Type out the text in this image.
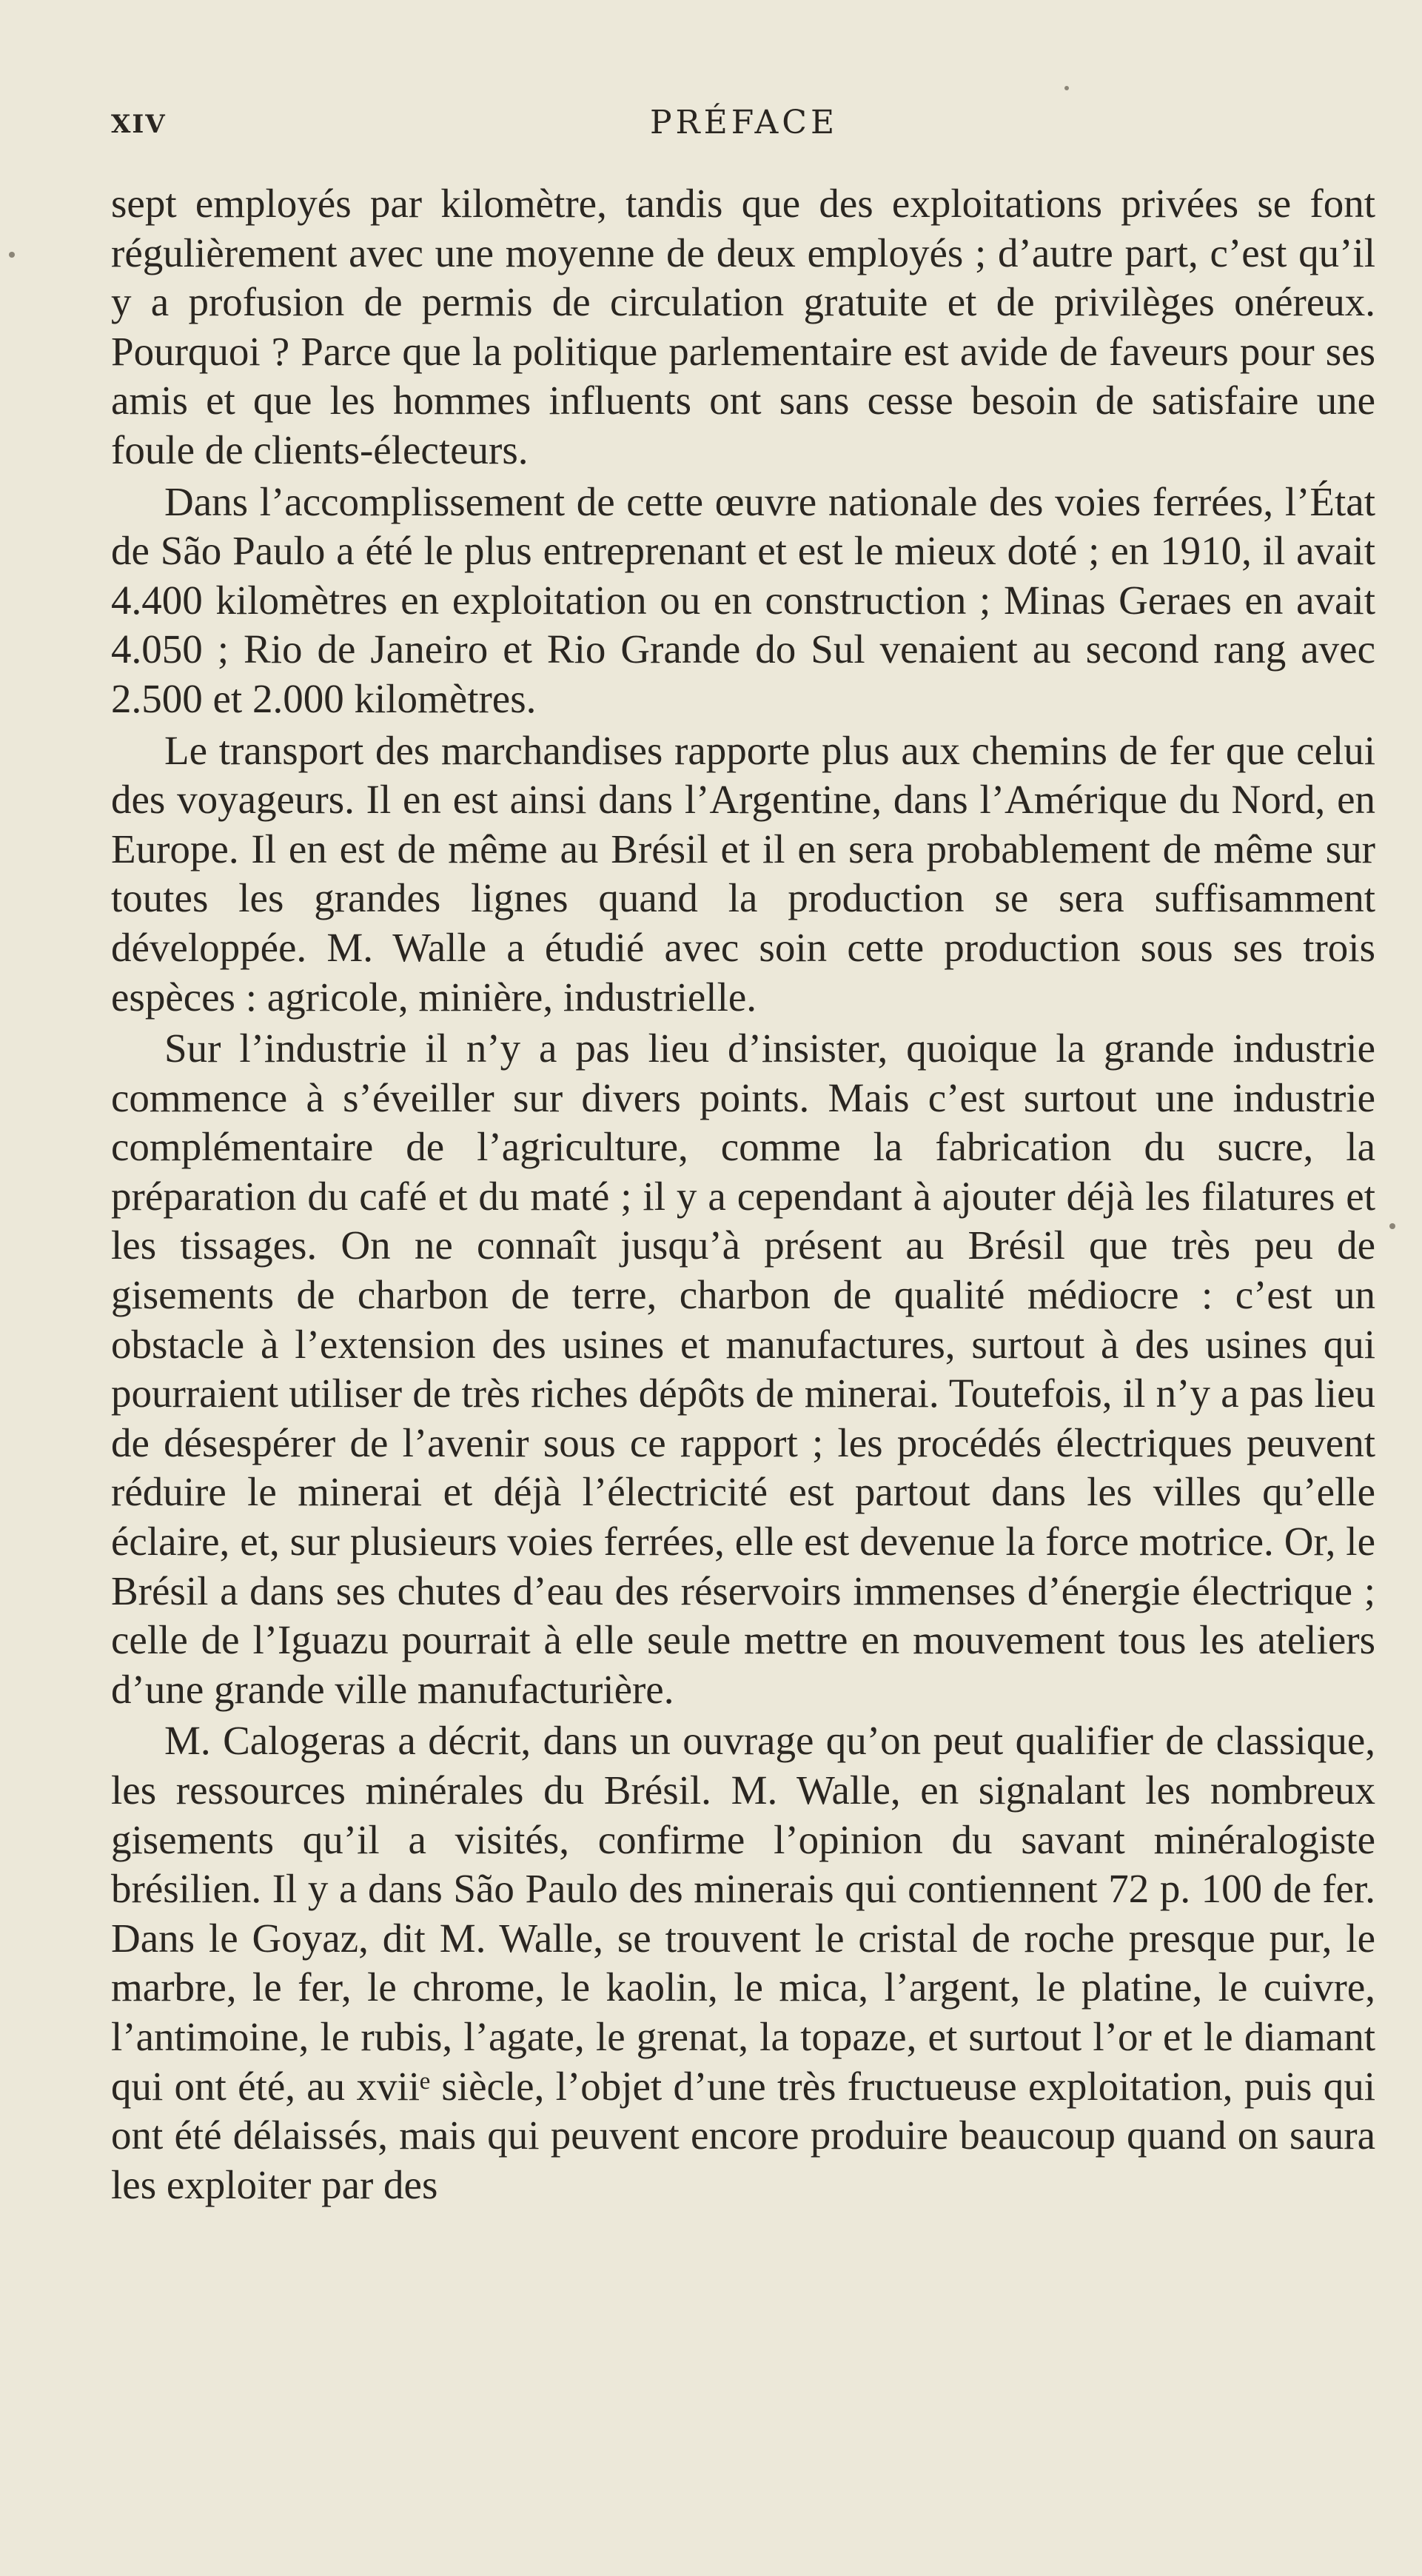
XIV	PRÉFACE

sept employés par kilomètre, tandis que des exploitations privées se font régulièrement avec une moyenne de deux employés ; d’autre part, c’est qu’il y a profusion de permis de circulation gratuite et de privilèges onéreux. Pourquoi ? Parce que la politique parlementaire est avide de faveurs pour ses amis et que les hommes influents ont sans cesse besoin de satisfaire une foule de clients-électeurs.

Dans l’accomplissement de cette œuvre nationale des voies ferrées, l’État de São Paulo a été le plus entreprenant et est le mieux doté ; en 1910, il avait 4.400 kilomètres en exploitation ou en construction ; Minas Geraes en avait 4.050 ; Rio de Janeiro et Rio Grande do Sul venaient au second rang avec 2.500 et 2.000 kilomètres.

Le transport des marchandises rapporte plus aux chemins de fer que celui des voyageurs. Il en est ainsi dans l’Argentine, dans l’Amérique du Nord, en Europe. Il en est de même au Brésil et il en sera probablement de même sur toutes les grandes lignes quand la production se sera suffisamment développée. M. Walle a étudié avec soin cette production sous ses trois espèces : agricole, minière, industrielle.

Sur l’industrie il n’y a pas lieu d’insister, quoique la grande industrie commence à s’éveiller sur divers points. Mais c’est surtout une industrie complémentaire de l’agriculture, comme la fabrication du sucre, la préparation du café et du maté ; il y a cependant à ajouter déjà les filatures et les tissages. On ne connaît jusqu’à présent au Brésil que très peu de gisements de charbon de terre, charbon de qualité médiocre : c’est un obstacle à l’extension des usines et manufactures, surtout à des usines qui pourraient utiliser de très riches dépôts de minerai. Toutefois, il n’y a pas lieu de désespérer de l’avenir sous ce rapport ; les procédés électriques peuvent réduire le minerai et déjà l’électricité est partout dans les villes qu’elle éclaire, et, sur plusieurs voies ferrées, elle est devenue la force motrice. Or, le Brésil a dans ses chutes d’eau des réservoirs immenses d’énergie électrique ; celle de l’Iguazu pourrait à elle seule mettre en mouvement tous les ateliers d’une grande ville manufacturière.

M. Calogeras a décrit, dans un ouvrage qu’on peut qualifier de classique, les ressources minérales du Brésil. M. Walle, en signalant les nombreux gisements qu’il a visités, confirme l’opinion du savant minéralogiste brésilien. Il y a dans São Paulo des minerais qui contiennent 72 p. 100 de fer. Dans le Goyaz, dit M. Walle, se trouvent le cristal de roche presque pur, le marbre, le fer, le chrome, le kaolin, le mica, l’argent, le platine, le cuivre, l’antimoine, le rubis, l’agate, le grenat, la topaze, et surtout l’or et le diamant qui ont été, au xviiᵉ siècle, l’objet d’une très fructueuse exploitation, puis qui ont été délaissés, mais qui peuvent encore produire beaucoup quand on saura les exploiter par des
